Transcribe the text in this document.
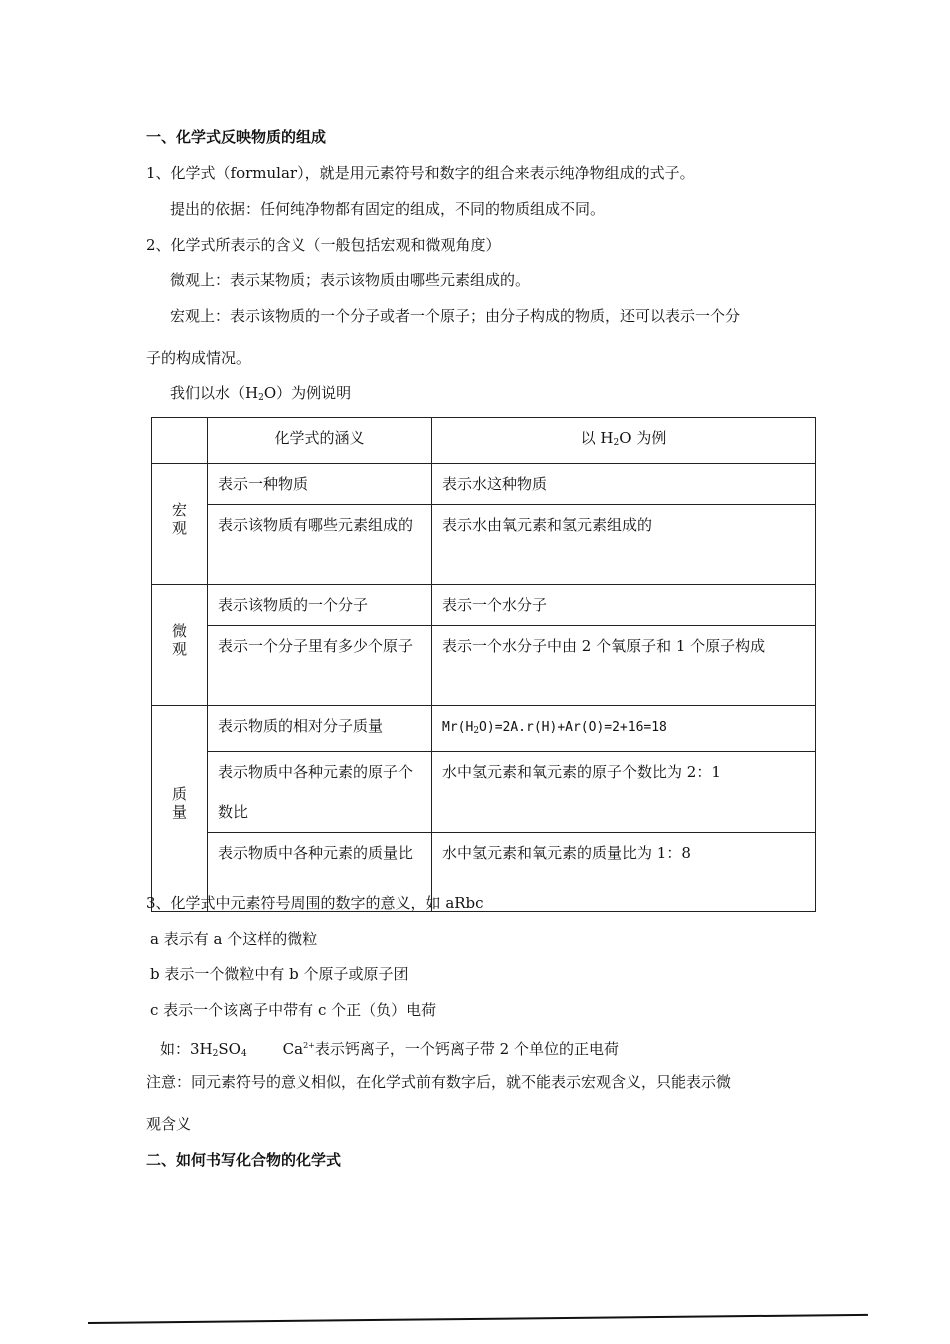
一、化学式反映物质的组成
1、化学式（formular），就是用元素符号和数字的组合来表示纯净物组成的式子。
提出的依据：任何纯净物都有固定的组成，不同的物质组成不同。
2、化学式所表示的含义（一般包括宏观和微观角度）
微观上：表示某物质；表示该物质由哪些元素组成的。
宏观上：表示该物质的一个分子或者一个原子；由分子构成的物质，还可以表示一个分
子的构成情况。
我们以水$(H_2O)$为例说明
	化学式的涵义	以 $H_2O$ 为例
宏观	表示一种物质	表示水这种物质
	表示该物质有哪些元素组成的	表示水由氧元素和氢元素组成的
微观	表示该物质的一个分子	表示一个水分子
	表示一个分子里有多少个原子	表示一个水分子中由 2 个氧原子和 1 个原子构成
质量	表示物质的相对分子质量	$Mr(H_2O)=2A.r(H)+Ar(O)=2+16=18$
	表示物质中各种元素的原子个数比	水中氢元素和氧元素的原子个数比为 2：1
	表示物质中各种元素的质量比	水中氢元素和氧元素的质量比为 1：8
3、化学式中元素符号周围的数字的意义，如 aRbc
a 表示有 a 个这样的微粒
b 表示一个微粒中有 b 个原子或原子团
c 表示一个该离子中带有 c 个正（负）电荷
如：$3H_2SO_4$ $Ca^{2+}$表示钙离子，一个钙离子带 2 个单位的正电荷
注意：同元素符号的意义相似，在化学式前有数字后，就不能表示宏观含义，只能表示微
观含义
二、如何书写化合物的化学式
